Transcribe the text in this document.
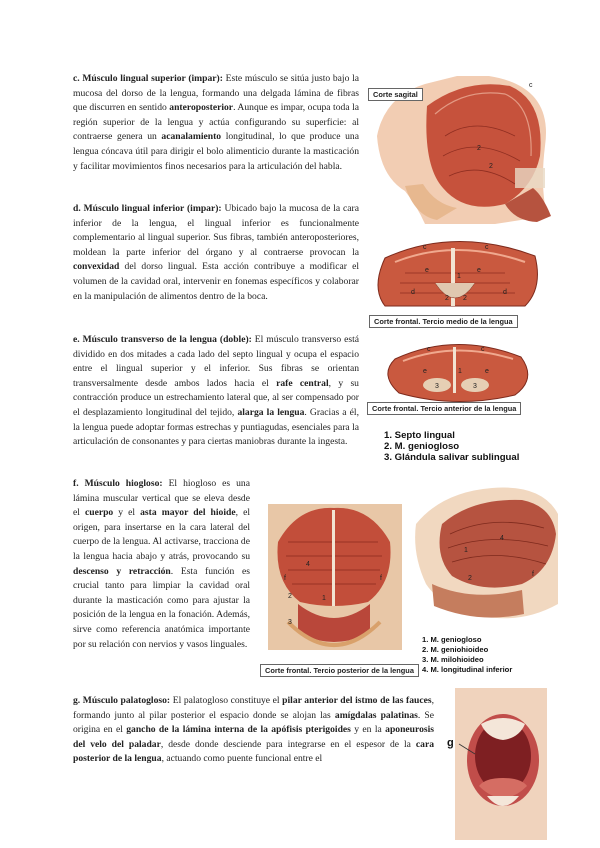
c. Músculo lingual superior (impar): Este músculo se sitúa justo bajo la mucosa del dorso de la lengua, formando una delgada lámina de fibras que discurren en sentido anteroposterior. Aunque es impar, ocupa toda la región superior de la lengua y actúa configurando su superficie: al contraerse genera un acanalamiento longitudinal, lo que produce una lengua cóncava útil para dirigir el bolo alimenticio durante la masticación y facilitar movimientos finos necesarios para la articulación del habla.

d. Músculo lingual inferior (impar): Ubicado bajo la mucosa de la cara inferior de la lengua, el lingual inferior es funcionalmente complementario al lingual superior. Sus fibras, también anteroposteriores, moldean la parte inferior del órgano y al contraerse provocan la convexidad del dorso lingual. Esta acción contribuye a modificar el volumen de la cavidad oral, intervenir en fonemas específicos y colaborar en la manipulación de alimentos dentro de la boca.

e. Músculo transverso de la lengua (doble): El músculo transverso está dividido en dos mitades a cada lado del septo lingual y ocupa el espacio entre el lingual superior y el inferior. Sus fibras se orientan transversalmente desde ambos lados hacia el rafe central, y su contracción produce un estrechamiento lateral que, al ser compensado por el desplazamiento longitudinal del tejido, alarga la lengua. Gracias a él, la lengua puede adoptar formas estrechas y puntiagudas, esenciales para la articulación de consonantes y para ciertas maniobras durante la ingesta.

f. Músculo hiogloso: El hiogloso es una lámina muscular vertical que se eleva desde el cuerpo y el asta mayor del hioide, el origen, para insertarse en la cara lateral del cuerpo de la lengua. Al activarse, tracciona de la lengua hacia abajo y atrás, provocando su descenso y retracción. Esta función es crucial tanto para limpiar la cavidad oral durante la masticación como para ajustar la posición de la lengua en la fonación. Además, sirve como referencia anatómica importante por su relación con nervios y vasos linguales.

g. Músculo palatogloso: El palatogloso constituye el pilar anterior del istmo de las fauces, formando junto al pilar posterior el espacio donde se alojan las amígdalas palatinas. Se origina en el gancho de la lámina interna de la apófisis pterigoides y en la aponeurosis del velo del paladar, desde donde desciende para integrarse en el espesor de la cara posterior de la lengua, actuando como puente funcional entre el

c
2
2
Corte sagital
c	c
e	e
1
d	d
2 2
Corte frontal. Tercio medio de la lengua
c	c
e	e
1
3	3
Corte frontal. Tercio anterior de la lengua
1. Septo lingual
2. M. geniogloso
3. Glándula salivar sublingual
4
f	f
1
2
3
Corte frontal. Tercio posterior de la lengua
4
1
2
f
1. M. geniogloso
2. M. geniohioideo
3. M. milohioideo
4. M. longitudinal inferior
g
